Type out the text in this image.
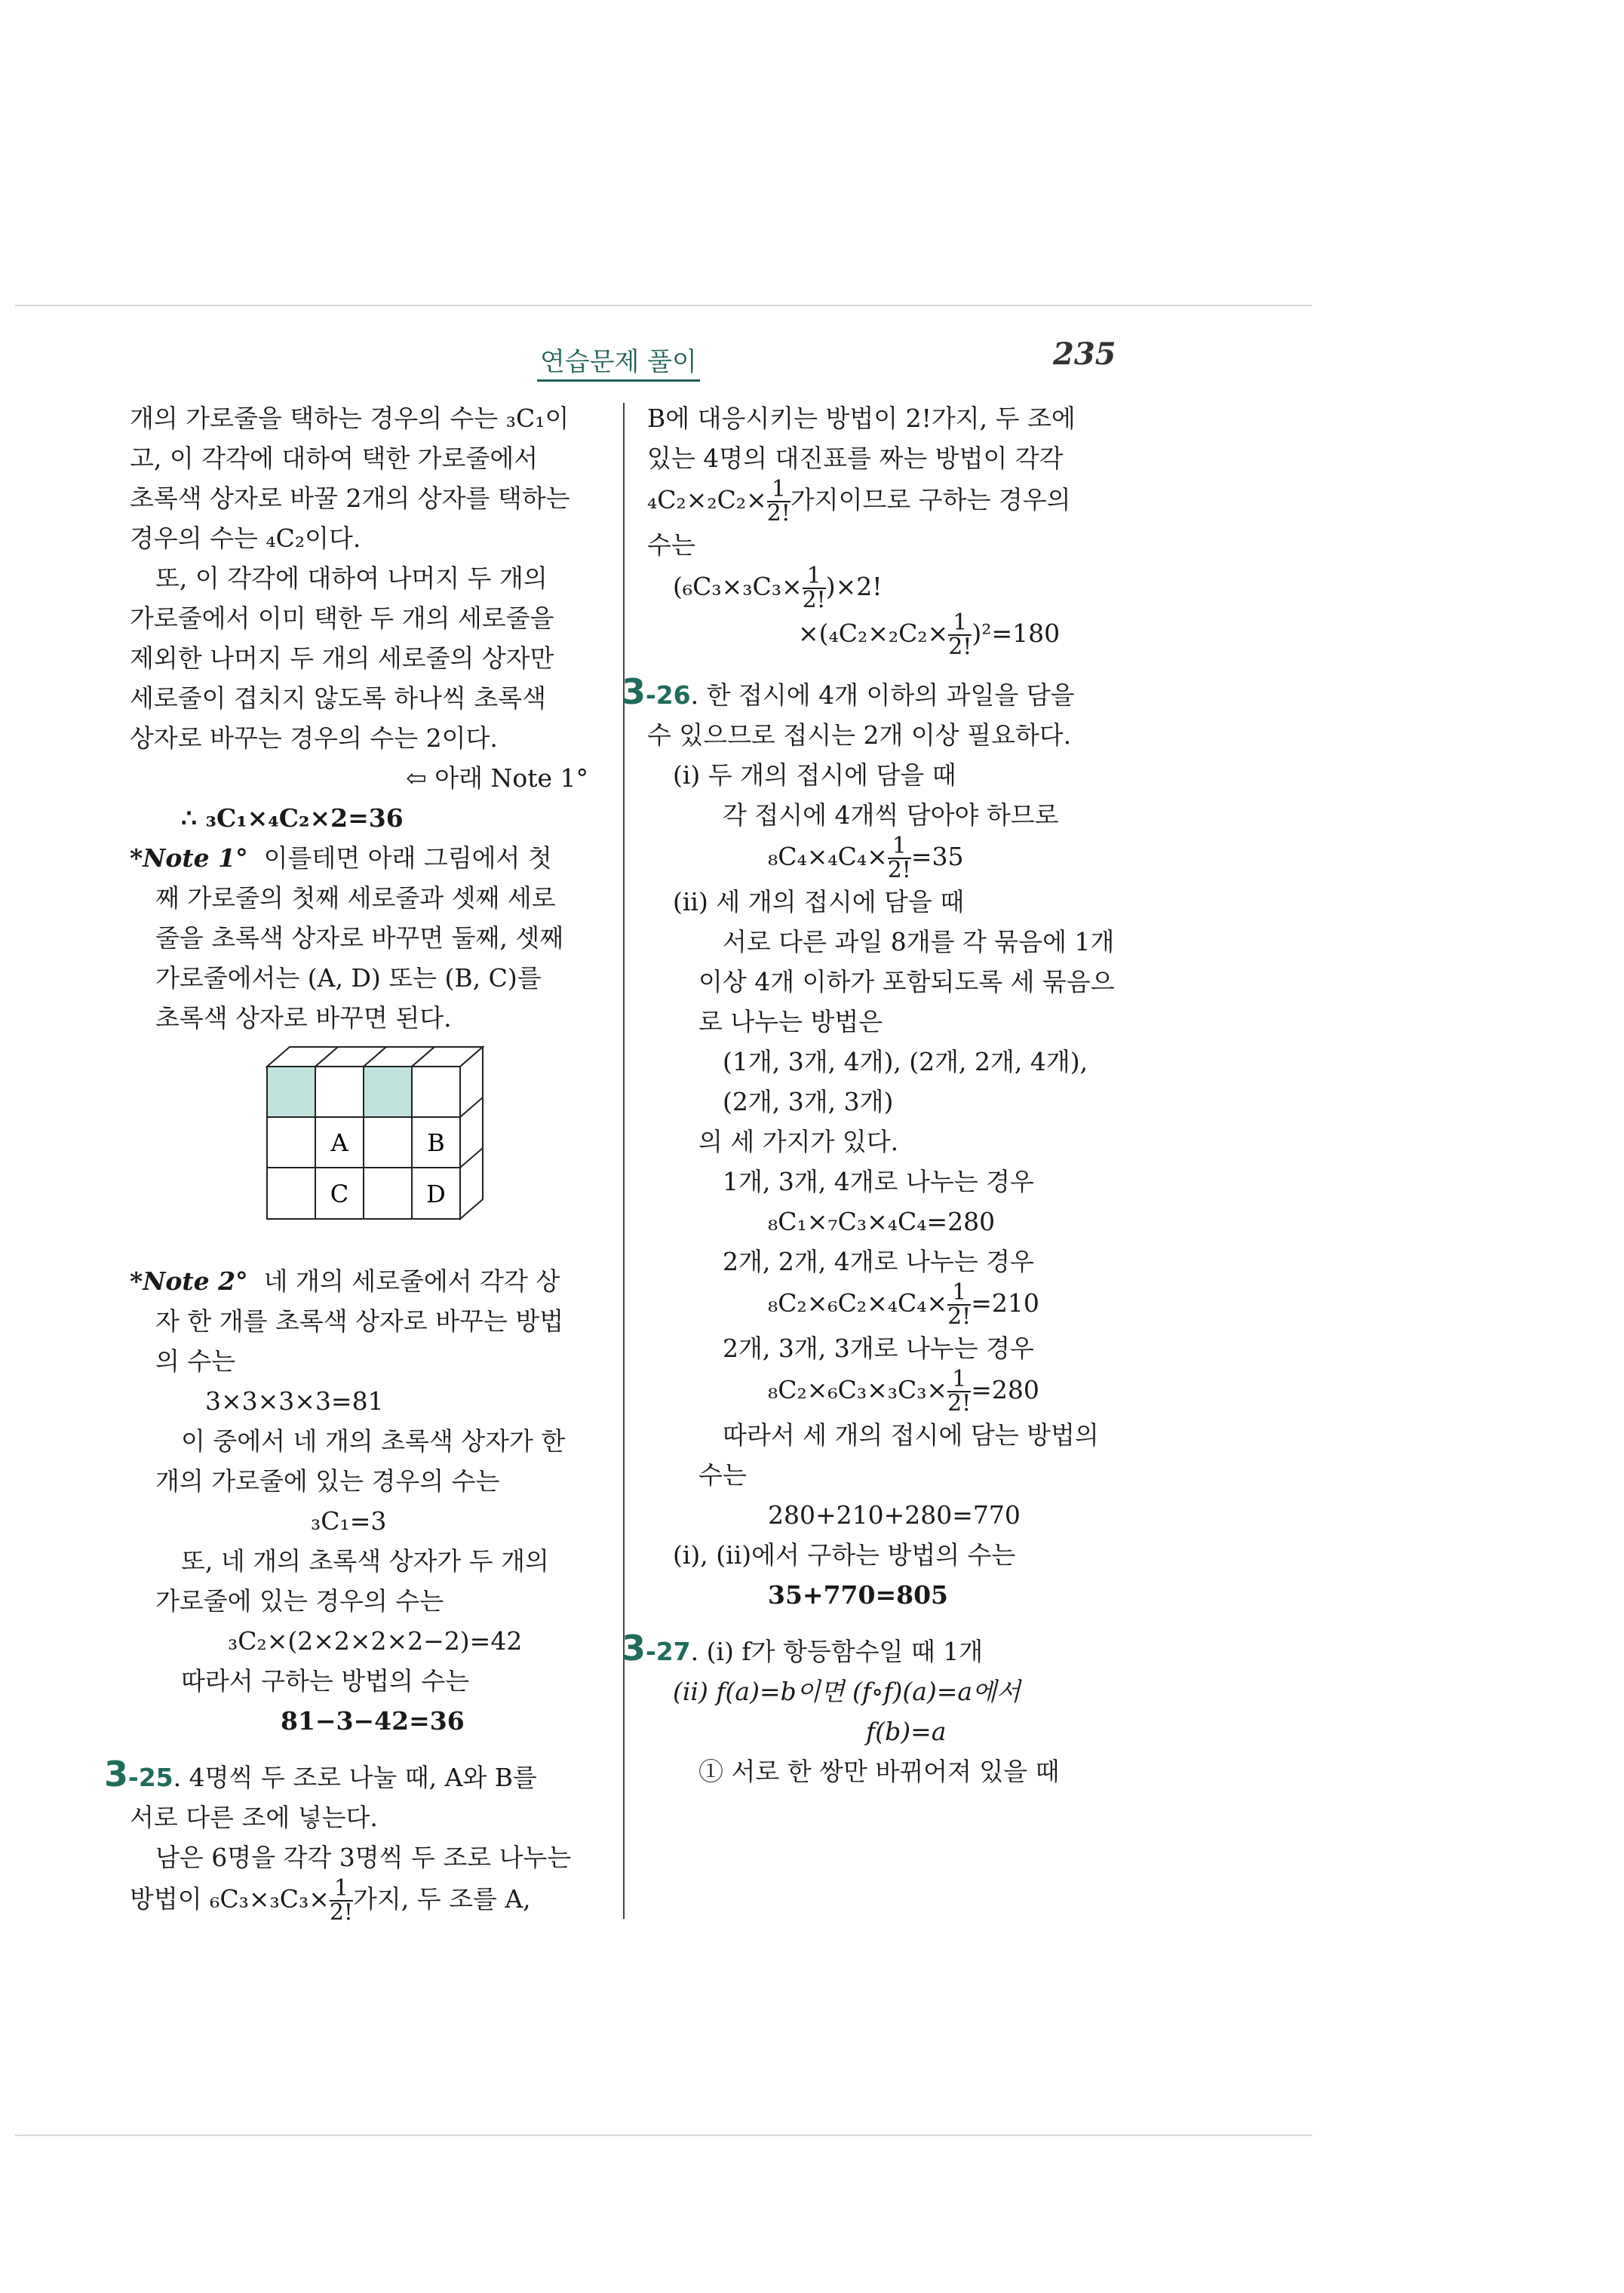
연습문제 풀이	235

개의 가로줄을 택하는 경우의 수는 ₃C₁이

고, 이 각각에 대하여 택한 가로줄에서

초록색 상자로 바꿀 2개의 상자를 택하는

경우의 수는 ₄C₂이다.

또, 이 각각에 대하여 나머지 두 개의

가로줄에서 이미 택한 두 개의 세로줄을

제외한 나머지 두 개의 세로줄의 상자만

세로줄이 겹치지 않도록 하나씩 초록색

상자로 바꾸는 경우의 수는 2이다.

⇦ 아래 Note 1°

∴ ₃C₁×₄C₂×2=36

*Note 1° 이를테면 아래 그림에서 첫

째 가로줄의 첫째 세로줄과 셋째 세로

줄을 초록색 상자로 바꾸면 둘째, 셋째

가로줄에서는 (A, D) 또는 (B, C)를

초록색 상자로 바꾸면 된다.

A	B
C	D

*Note 2° 네 개의 세로줄에서 각각 상

자 한 개를 초록색 상자로 바꾸는 방법

의 수는

3×3×3×3=81

이 중에서 네 개의 초록색 상자가 한

개의 가로줄에 있는 경우의 수는

₃C₁=3

또, 네 개의 초록색 상자가 두 개의

가로줄에 있는 경우의 수는

₃C₂×(2×2×2×2−2)=42

따라서 구하는 방법의 수는

81−3−42=36

3-25. 4명씩 두 조로 나눌 때, A와 B를

서로 다른 조에 넣는다.

남은 6명을 각각 3명씩 두 조로 나누는

방법이 $_6C_3\times_3C_3\times \frac{1}{2!}$ 가지, 두 조를 A,

B에 대응시키는 방법이 2!가지, 두 조에

있는 4명의 대진표를 짜는 방법이 각각

$_4C_2\times_2C_2\times \frac{1}{2!}$ 가지이므로 구하는 경우의

수는

$(_6C_3\times_3C_3\times \frac{1}{2!} )\times 2$!

$\times(_4C_2\times_2C_2\times \frac{1}{2!} )^2=180$

3-26. 한 접시에 4개 이하의 과일을 담을

수 있으므로 접시는 2개 이상 필요하다.

(i) 두 개의 접시에 담을 때

각 접시에 4개씩 담아야 하므로

$_8C_4\times_4C_4\times \frac{1}{2!} =35$

(ii) 세 개의 접시에 담을 때

서로 다른 과일 8개를 각 묶음에 1개

이상 4개 이하가 포함되도록 세 묶음으

로 나누는 방법은

(1개, 3개, 4개), (2개, 2개, 4개),

(2개, 3개, 3개)

의 세 가지가 있다.

1개, 3개, 4개로 나누는 경우

₈C₁×₇C₃×₄C₄=280

2개, 2개, 4개로 나누는 경우

$_8C_2\times_6C_2\times_4C_4\times \frac{1}{2!} =210$

2개, 3개, 3개로 나누는 경우

$_8C_2\times_6C_3\times_3C_3\times \frac{1}{2!} =280$

따라서 세 개의 접시에 담는 방법의

수는

280+210+280=770

(i), (ii)에서 구하는 방법의 수는

35+770=805

3-27. (i) f가 항등함수일 때 1개

(ii) f(a)=b이면 (f∘f)(a)=a에서

f(b)=a

① 서로 한 쌍만 바뀌어져 있을 때
